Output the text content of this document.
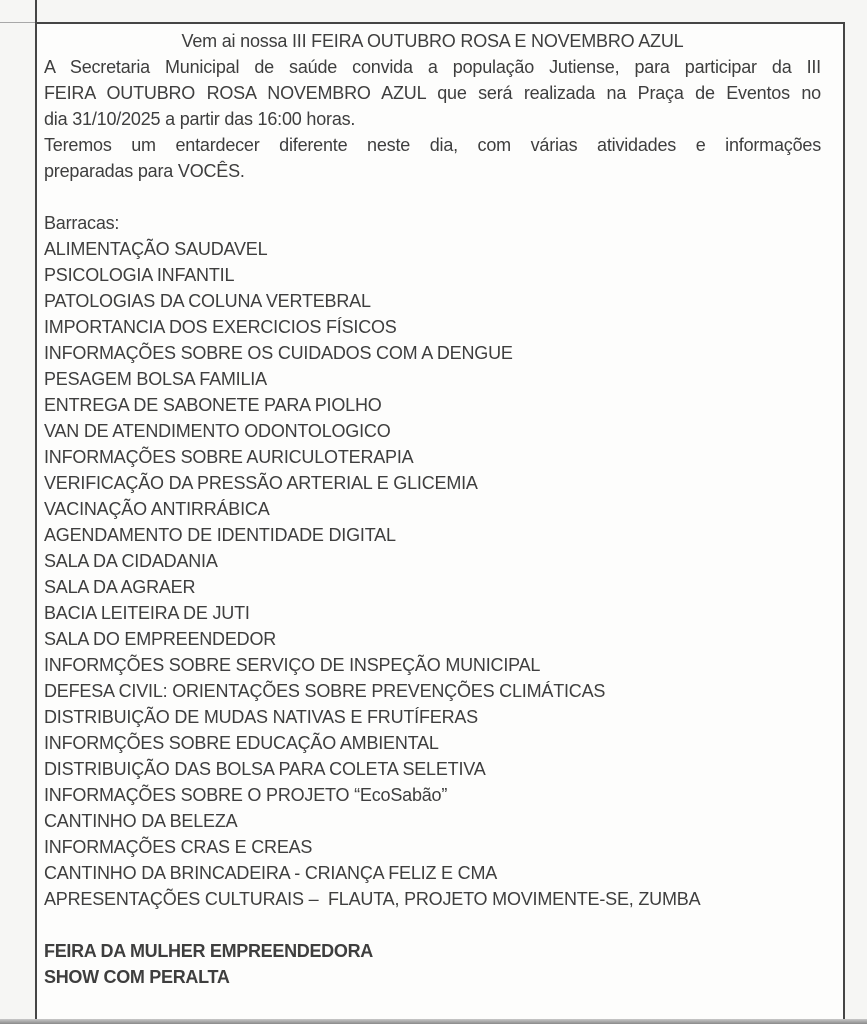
Vem ai nossa III FEIRA OUTUBRO ROSA E NOVEMBRO AZUL
A Secretaria Municipal de saúde convida a população Jutiense, para participar da III
FEIRA OUTUBRO ROSA NOVEMBRO AZUL que será realizada na Praça de Eventos no
dia 31/10/2025 a partir das 16:00 horas.
Teremos um entardecer diferente neste dia, com várias atividades e informações
preparadas para VOCÊS.
Barracas:
ALIMENTAÇÃO SAUDAVEL
PSICOLOGIA INFANTIL
PATOLOGIAS DA COLUNA VERTEBRAL
IMPORTANCIA DOS EXERCICIOS FÍSICOS
INFORMAÇÕES SOBRE OS CUIDADOS COM A DENGUE
PESAGEM BOLSA FAMILIA
ENTREGA DE SABONETE PARA PIOLHO
VAN DE ATENDIMENTO ODONTOLOGICO
INFORMAÇÕES SOBRE AURICULOTERAPIA
VERIFICAÇÃO DA PRESSÃO ARTERIAL E GLICEMIA
VACINAÇÃO ANTIRRÁBICA
AGENDAMENTO DE IDENTIDADE DIGITAL
SALA DA CIDADANIA
SALA DA AGRAER
BACIA LEITEIRA DE JUTI
SALA DO EMPREENDEDOR
INFORMÇÕES SOBRE SERVIÇO DE INSPEÇÃO MUNICIPAL
DEFESA CIVIL: ORIENTAÇÕES SOBRE PREVENÇÕES CLIMÁTICAS
DISTRIBUIÇÃO DE MUDAS NATIVAS E FRUTÍFERAS
INFORMÇÕES SOBRE EDUCAÇÃO AMBIENTAL
DISTRIBUIÇÃO DAS BOLSA PARA COLETA SELETIVA
INFORMAÇÕES SOBRE O PROJETO “EcoSabão”
CANTINHO DA BELEZA
INFORMAÇÕES CRAS E CREAS
CANTINHO DA BRINCADEIRA - CRIANÇA FELIZ E CMA
APRESENTAÇÕES CULTURAIS –  FLAUTA, PROJETO MOVIMENTE-SE, ZUMBA
FEIRA DA MULHER EMPREENDEDORA
SHOW COM PERALTA
